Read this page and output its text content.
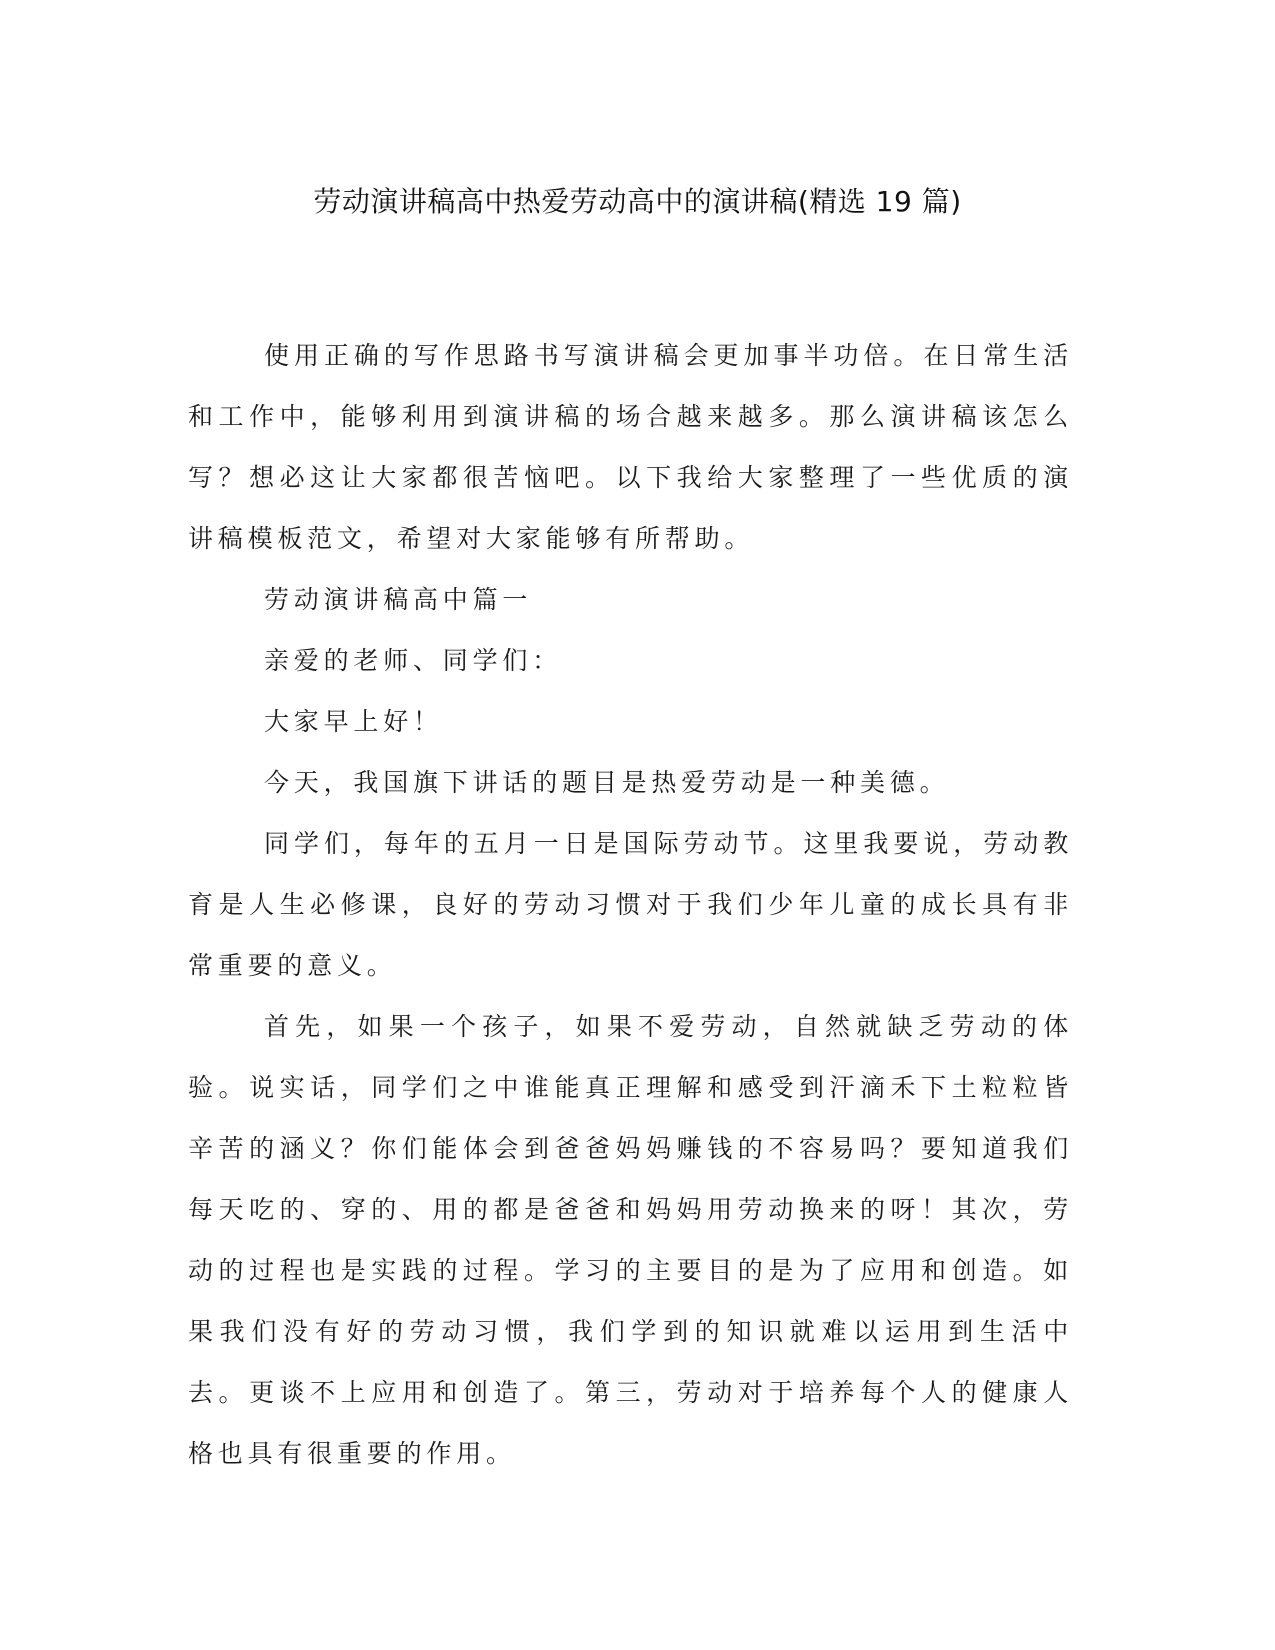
劳动演讲稿高中热爱劳动高中的演讲稿(精选 19 篇)

使用正确的写作思路书写演讲稿会更加事半功倍。在日常生活和工作中，能够利用到演讲稿的场合越来越多。那么演讲稿该怎么写？想必这让大家都很苦恼吧。以下我给大家整理了一些优质的演讲稿模板范文，希望对大家能够有所帮助。

劳动演讲稿高中篇一

亲爱的老师、同学们：

大家早上好！

今天，我国旗下讲话的题目是热爱劳动是一种美德。

同学们，每年的五月一日是国际劳动节。这里我要说，劳动教育是人生必修课，良好的劳动习惯对于我们少年儿童的成长具有非常重要的意义。

首先，如果一个孩子，如果不爱劳动，自然就缺乏劳动的体验。说实话，同学们之中谁能真正理解和感受到汗滴禾下土粒粒皆辛苦的涵义？你们能体会到爸爸妈妈赚钱的不容易吗？要知道我们每天吃的、穿的、用的都是爸爸和妈妈用劳动换来的呀！其次，劳动的过程也是实践的过程。学习的主要目的是为了应用和创造。如果我们没有好的劳动习惯，我们学到的知识就难以运用到生活中去。更谈不上应用和创造了。第三，劳动对于培养每个人的健康人格也具有很重要的作用。
